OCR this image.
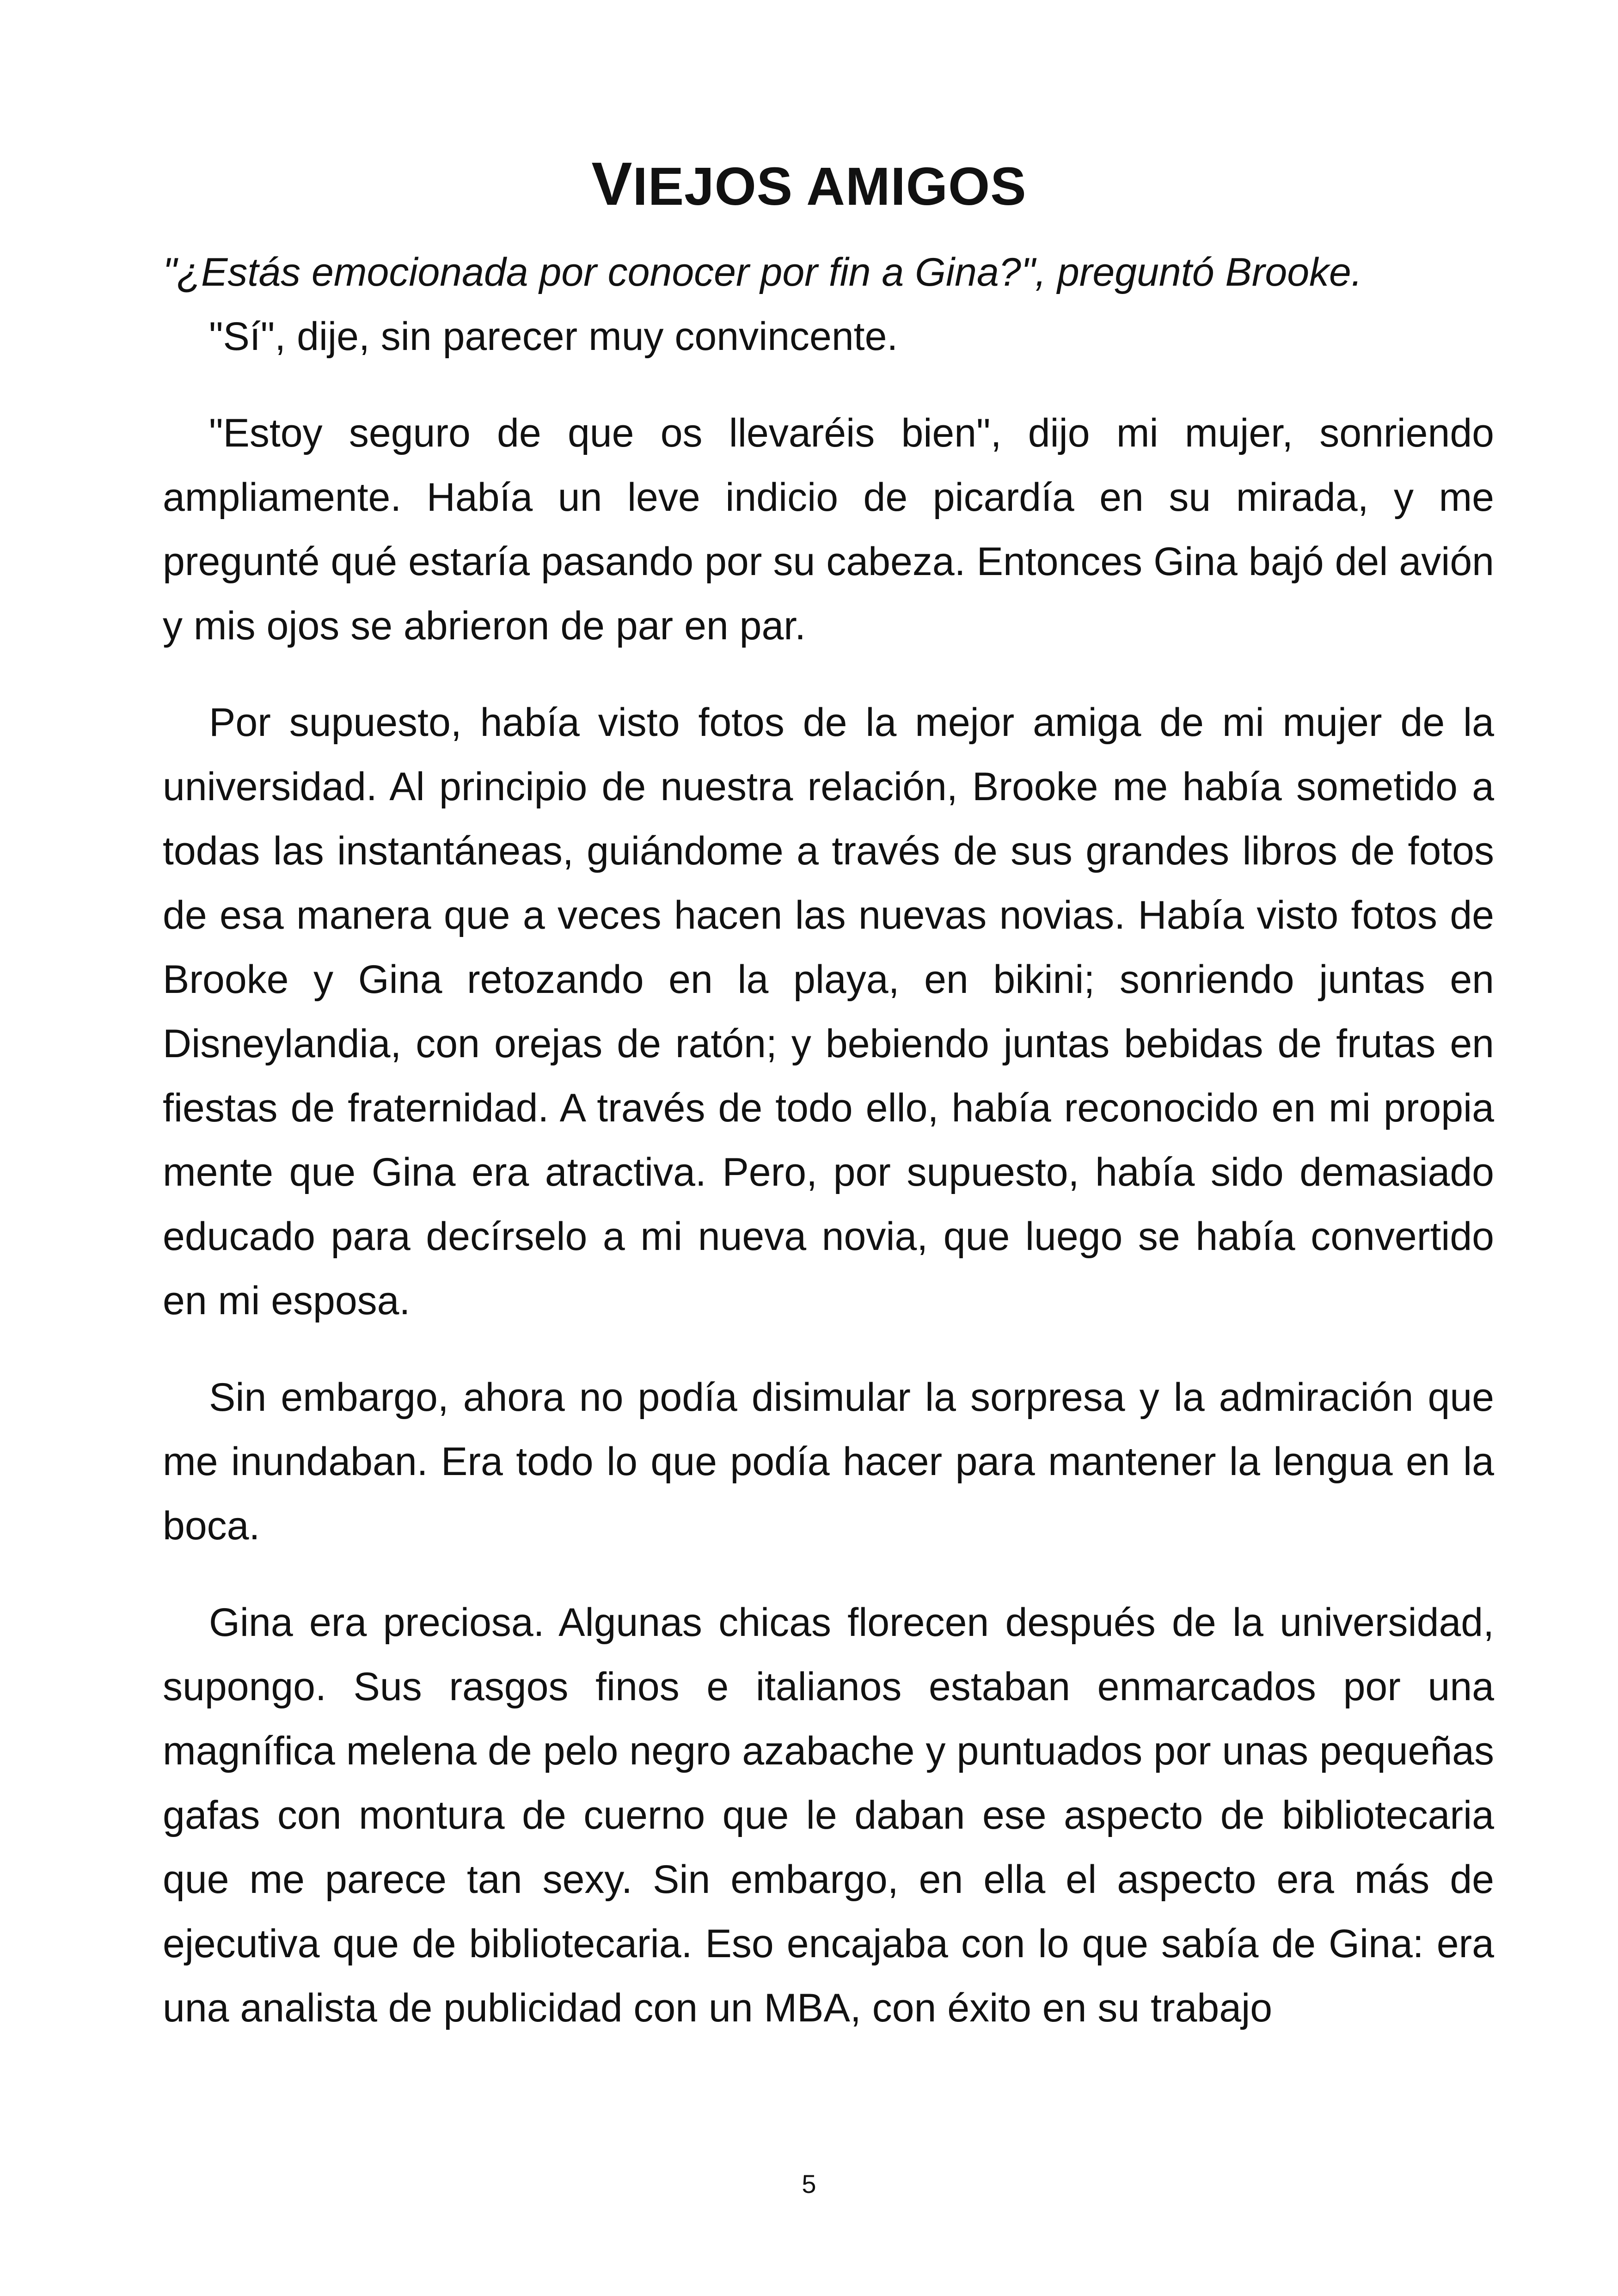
VIEJOS AMIGOS

"¿Estás emocionada por conocer por fin a Gina?", preguntó Brooke.

"Sí", dije, sin parecer muy convincente.

"Estoy seguro de que os llevaréis bien", dijo mi mujer, sonriendo ampliamente. Había un leve indicio de picardía en su mirada, y me pregunté qué estaría pasando por su cabeza. Entonces Gina bajó del avión y mis ojos se abrieron de par en par.

Por supuesto, había visto fotos de la mejor amiga de mi mujer de la universidad. Al principio de nuestra relación, Brooke me había sometido a todas las instantáneas, guiándome a través de sus grandes libros de fotos de esa manera que a veces hacen las nuevas novias. Había visto fotos de Brooke y Gina retozando en la playa, en bikini; sonriendo juntas en Disneylandia, con orejas de ratón; y bebiendo juntas bebidas de frutas en fiestas de fraternidad. A través de todo ello, había reconocido en mi propia mente que Gina era atractiva. Pero, por supuesto, había sido demasiado educado para decírselo a mi nueva novia, que luego se había convertido en mi esposa.

Sin embargo, ahora no podía disimular la sorpresa y la admiración que me inundaban. Era todo lo que podía hacer para mantener la lengua en la boca.

Gina era preciosa. Algunas chicas florecen después de la universidad, supongo. Sus rasgos finos e italianos estaban enmarcados por una magnífica melena de pelo negro azabache y puntuados por unas pequeñas gafas con montura de cuerno que le daban ese aspecto de bibliotecaria que me parece tan sexy. Sin embargo, en ella el aspecto era más de ejecutiva que de bibliotecaria. Eso encajaba con lo que sabía de Gina: era una analista de publicidad con un MBA, con éxito en su trabajo

5
